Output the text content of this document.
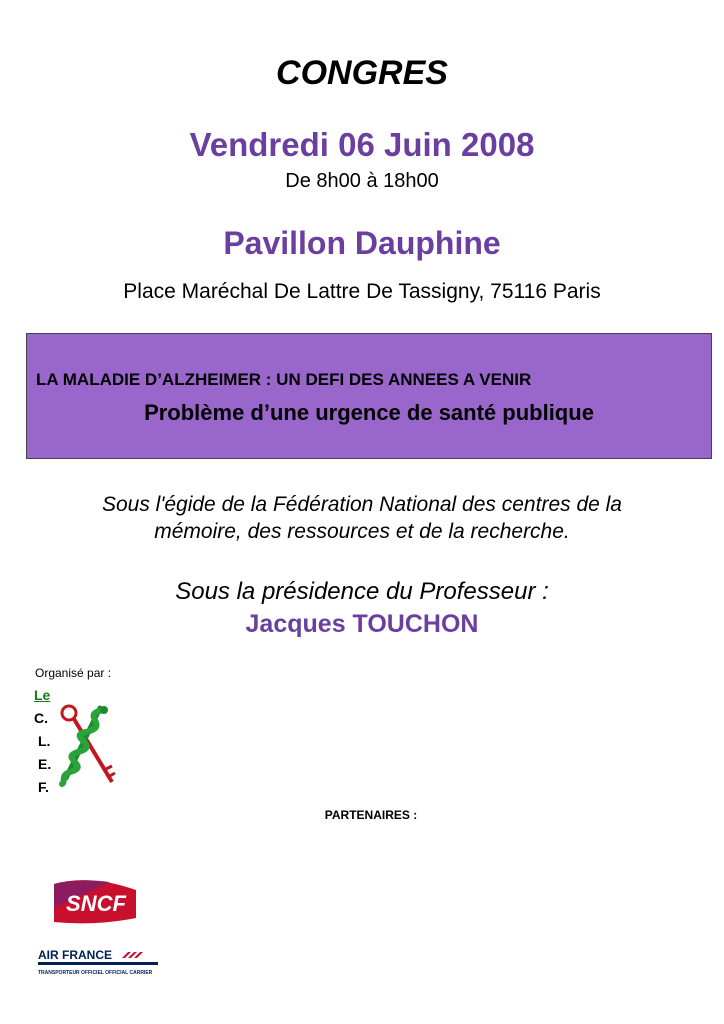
CONGRES
Vendredi 06 Juin 2008
De 8h00 à 18h00
Pavillon Dauphine
Place Maréchal De Lattre De Tassigny, 75116 Paris
LA MALADIE D’ALZHEIMER : UN DEFI DES ANNEES A VENIR
Problème d’une urgence de santé publique
Sous l'égide de la Fédération National des centres de la
mémoire, des ressources et de la recherche.
Sous la présidence du Professeur :
Jacques TOUCHON
Organisé par :
Le
C.
L.
E.
F.
PARTENAIRES :
SNCF
AIR FRANCE
TRANSPORTEUR OFFICIEL OFFICIAL CARRIER
